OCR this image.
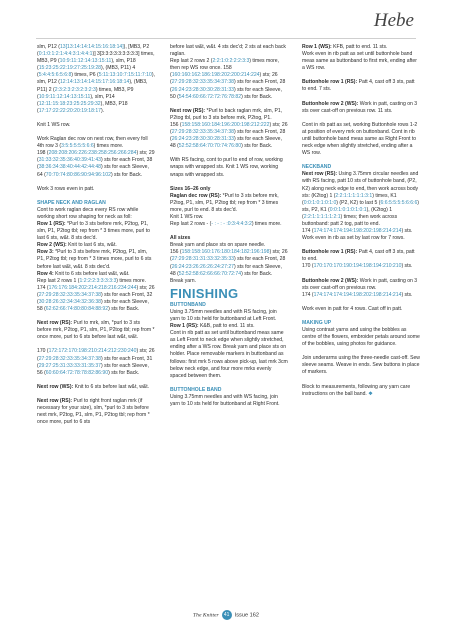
Hebe
slm, P12 (13[13:14:14:14:15:16:18:14]), [MB3, P2 (0:1:0:1:2:1:4:4:3:1:4:4:1)] 3[3:3:3:3:3:3:3:3:3] times, MB3, P9 (10:9:11:12:14:13:15:11), slm, P18 (15:23:25:22:19:27:25:19:28), (MB3, P11) 4 (5:4:4:5:6:5:6:8) times, P6 (5:11:13:10:7:15:11:7:10), slm, P12 (12:14:13:14:14:15:17:16:18:14), (MB3, P11) 2 (2:3:2:3:2:3:2:3:2:3) times, MB3, P9 (10:9:11:12:14:13:15:11), slm, P14 (12:11:15:18:23:25:25:29:32), MB3, P18 (17:17:22:22:20:20:19:18:17).
Knit 1 WS row.
Work Raglan dec row on next row, then every foll 4th row 3 (3:5:5:5:5:5:6:6) times more.
198 (208:208:206:226:238:258:256:266:284) sts; 29 (31:33:32:35:36:40:39:41:43) sts for each Front, 38 (38:36:34:38:40:44:42:44:48) sts for each Sleeve, 64 (70:70:74:80:86:90:94:96:102) sts for Back.
Work 3 rows even in patt.
SHAPE NECK AND RAGLAN
Cont to work raglan decs every RS row while working short row shaping for neck as foll:
Row 1 (RS): *Purl to 3 sts before mrk, P2tog, P1, slm, P1, P2tog tbl; rep from * 3 times more, purl to last 6 sts, w&t. 8 sts dec'd.
Row 2 (WS): Knit to last 6 sts, w&t.
Row 3: *Purl to 3 sts before mrk, P2tog, P1, slm, P1, P2tog tbl; rep from * 3 times more, purl to 6 sts before last w&t, w&t. 8 sts dec'd.
Row 4: Knit to 6 sts before last w&t, w&t.
Rep last 2 rows 1 (1:2:2:2:3:3:3:3:3) times more. 174 (176:176:184:202:214:218:216:234:244) sts; 26 (27:29:28:32:33:35:34:37:38) sts for each Front, 32 (30:28:26:32:34:34:32:36:38) sts for each Sleeve, 58 (62:62:66:74:80:80:84:88:92) sts for Back.
Next row (RS): Purl to mrk, slm, *purl to 3 sts before mrk, P2tog, P1, slm, P1, P2tog tbl; rep from * once more, purl to 6 sts before last w&t, w&t.
170 (172:172:170:198:210:214:212:230:240) sts; 26 (27:29:28:32:33:35:34:37:38) sts for each Front, 31 (29:27:25:31:33:33:31:35:37) sts for each Sleeve, 56 (60:60:64:72:78:78:82:86:90) sts for Back.
Next row (WS): Knit to 6 sts before last w&t, w&t.
Next row (RS): Purl to right front raglan mrk (if necessary for your size), slm, *purl to 3 sts before next mrk, P2tog, P1, slm, P1, P2tog tbl; rep from * once more, purl to 6 sts
before last w&t, w&t. 4 sts dec'd; 2 sts at each back raglan.
Rep last 2 rows 2 (2:2:1:0:2:2:2:3:3) times more, then rep WS row once. 158 (160:160:162:186:198:202:200:214:224) sts; 26 (27:29:28:32:33:35:34:37:38) sts for each Front, 28 (26:24:23:28:30:30:28:31:33) sts for each Sleeve, 50 (54:54:60:66:72:72:76:78:82) sts for Back.
Next row (RS): *Purl to back raglan mrk, slm, P1, P2tog tbl, purl to 3 sts before mrk, P2tog, P1.
156 (158:158:160:184:196:200:198:212:222) sts; 26 (27:29:28:32:33:35:34:37:38) sts for each Front, 28 (26:24:23:28:30:30:28:31:33) sts for each Sleeve, 48 (52:52:58:64:70:70:74:76:80) sts for Back.
With RS facing, cont to purl to end of row, working wraps with wrapped sts. Knit 1 WS row, working wraps with wrapped sts.
Sizes 16–26 only
Raglan dec row (RS): *Purl to 3 sts before mrk, P2tog, P1, slm, P1, P2tog tbl; rep from * 3 times more, purl to end. 8 sts dec'd.
Knit 1 WS row.
Rep last 2 rows - (- : - : - :0:3:4:4:3:2) times more.
All sizes
Break yarn and place sts on spare needle.
156 (158:158:160:176:180:184:182:196:198) sts; 26 (27:29:28:31:31:33:32:35:33) sts for each Front, 28 (26:24:23:26:26:26:24:27:27) sts for each Sleeve, 48 (52:52:58:62:66:66:70:72:74) sts for Back.
Break yarn.
FINISHING
BUTTONBAND
Using 3.75mm needles and with RS facing, join yarn to 10 sts held for buttonband at Left Front.
Row 1 (RS): K&B, patt to end. 11 sts.
Cont in rib patt as set until buttonband meas same as Left Front to neck edge when slightly stretched, ending after a WS row. Break yarn and place sts on holder. Place removable markers in buttonband as follows: first mrk 5 rows above pick-up, last mrk 3cm below neck edge, and four more mrks evenly spaced between them.
BUTTONHOLE BAND
Using 3.75mm needles and with WS facing, join yarn to 10 sts held for buttonband at Right Front.
Row 1 (WS): KFB, patt to end. 11 sts.
Work even in rib patt as set until buttonhole band meas same as buttonband to first mrk, ending after a WS row.
Buttonhole row 1 (RS): Patt 4, cast off 3 sts, patt to end. 7 sts.
Buttonhole row 2 (WS): Work in patt, casting on 3 sts over cast-off on previous row. 11 sts.
Cont in rib patt as set, working Buttonhole rows 1-2 at position of every mrk on buttonband. Cont in rib until buttonhole band meas same as Right Front to neck edge when slightly stretched, ending after a WS row.
NECKBAND
Next row (RS): Using 3.75mm circular needles and with RS facing, patt 10 sts of buttonhole band, (P2, K2) along neck edge to end, then work across body sts: (K2tog) 1 (2:2:1:1:1:1:1:3:1) times, K1 (0:0:1:0:1:0:1:0) (P2, K2) to last 5 (6:6:5:5:5:5:6:6:6) sts, P2, K1 (0:0:1:0:1:0:1:0:1), (K2tog) 1 (2:2:1:1:1:1:1:2:1) times; then work across buttonband: patt 2 tog, patt to end.
174 (174:174:174:194:198:202:198:214:214) sts.
Work even in rib as set by last row for 7 rows.
Buttonhole row 1 (RS): Patt 4, cast off 3 sts, patt to end.
170 (170:170:170:190:194:198:194:210:210) sts.
Buttonhole row 2 (WS): Work in patt, casting on 3 sts over cast-off on previous row.
174 (174:174:174:194:198:202:198:214:214) sts.
Work even in patt for 4 rows. Cast off in patt.
MAKING UP
Using contrast yarns and using the bobbles as centre of the flowers, embroider petals around some of the bobbles, using photos for guidance.
Join underarms using the three-needle cast-off. Sew sleeve seams. Weave in ends. Sew buttons in place of markers.
Block to measurements, following any yarn care instructions on the ball band. ❖
The Knitter 41 Issue 162
